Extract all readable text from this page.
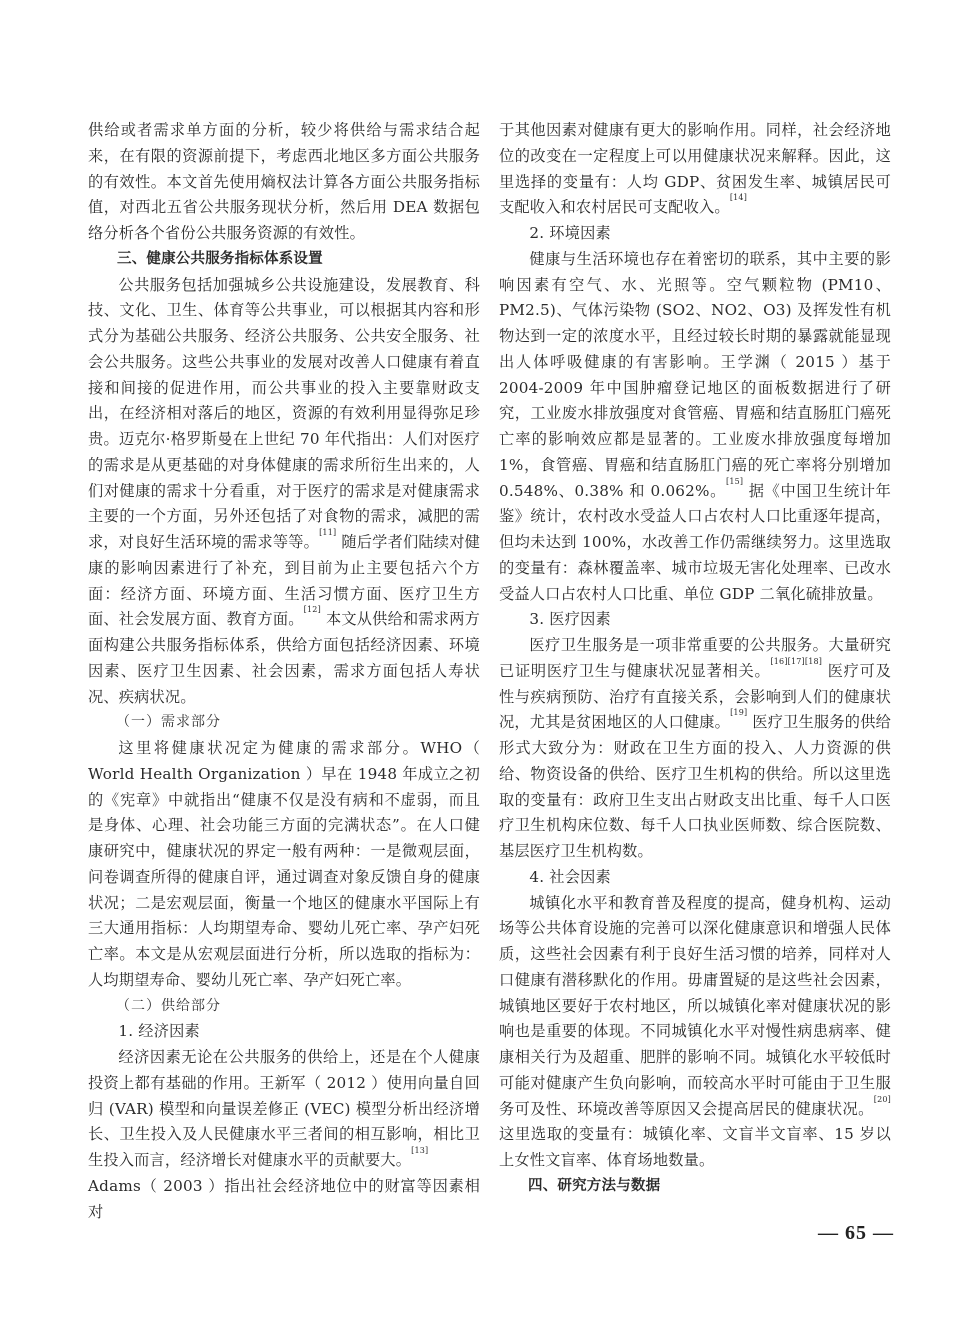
供给或者需求单方面的分析，较少将供给与需求结合起来，在有限的资源前提下，考虑西北地区多方面公共服务的有效性。本文首先使用熵权法计算各方面公共服务指标值，对西北五省公共服务现状分析，然后用 DEA 数据包络分析各个省份公共服务资源的有效性。

三、健康公共服务指标体系设置

公共服务包括加强城乡公共设施建设，发展教育、科技、文化、卫生、体育等公共事业，可以根据其内容和形式分为基础公共服务、经济公共服务、公共安全服务、社会公共服务。这些公共事业的发展对改善人口健康有着直接和间接的促进作用，而公共事业的投入主要靠财政支出，在经济相对落后的地区，资源的有效利用显得弥足珍贵。迈克尔·格罗斯曼在上世纪 70 年代指出：人们对医疗的需求是从更基础的对身体健康的需求所衍生出来的，人们对健康的需求十分看重，对于医疗的需求是对健康需求主要的一个方面，另外还包括了对食物的需求，减肥的需求，对良好生活环境的需求等等。[11] 随后学者们陆续对健康的影响因素进行了补充，到目前为止主要包括六个方面：经济方面、环境方面、生活习惯方面、医疗卫生方面、社会发展方面、教育方面。[12] 本文从供给和需求两方面构建公共服务指标体系，供给方面包括经济因素、环境因素、医疗卫生因素、社会因素，需求方面包括人寿状况、疾病状况。

（一）需求部分

这里将健康状况定为健康的需求部分。WHO（ World Health Organization ）早在 1948 年成立之初的《宪章》中就指出“健康不仅是没有病和不虚弱，而且是身体、心理、社会功能三方面的完满状态”。在人口健康研究中，健康状况的界定一般有两种：一是微观层面，问卷调查所得的健康自评，通过调查对象反馈自身的健康状况；二是宏观层面，衡量一个地区的健康水平国际上有三大通用指标：人均期望寿命、婴幼儿死亡率、孕产妇死亡率。本文是从宏观层面进行分析，所以选取的指标为：人均期望寿命、婴幼儿死亡率、孕产妇死亡率。

（二）供给部分

1. 经济因素

经济因素无论在公共服务的供给上，还是在个人健康投资上都有基础的作用。王新军（ 2012 ）使用向量自回归 (VAR) 模型和向量误差修正 (VEC) 模型分析出经济增长、卫生投入及人民健康水平三者间的相互影响，相比卫生投入而言，经济增长对健康水平的贡献要大。[13]
Adams（ 2003 ）指出社会经济地位中的财富等因素相对

于其他因素对健康有更大的影响作用。同样，社会经济地位的改变在一定程度上可以用健康状况来解释。因此，这里选择的变量有：人均 GDP、贫困发生率、城镇居民可支配收入和农村居民可支配收入。[14]

2. 环境因素

健康与生活环境也存在着密切的联系，其中主要的影响因素有空气、水、光照等。空气颗粒物 (PM10、PM2.5)、气体污染物 (SO2、NO2、O3) 及挥发性有机物达到一定的浓度水平，且经过较长时期的暴露就能显现出人体呼吸健康的有害影响。王学渊（ 2015 ）基于 2004-2009 年中国肿瘤登记地区的面板数据进行了研究，工业废水排放强度对食管癌、胃癌和结直肠肛门癌死亡率的影响效应都是显著的。工业废水排放强度每增加 1%，食管癌、胃癌和结直肠肛门癌的死亡率将分别增加 0.548%、0.38% 和 0.062%。[15] 据《中国卫生统计年鉴》统计，农村改水受益人口占农村人口比重逐年提高，但均未达到 100%，水改善工作仍需继续努力。这里选取的变量有：森林覆盖率、城市垃圾无害化处理率、已改水受益人口占农村人口比重、单位 GDP 二氧化硫排放量。

3. 医疗因素

医疗卫生服务是一项非常重要的公共服务。大量研究已证明医疗卫生与健康状况显著相关。[16][17][18] 医疗可及性与疾病预防、治疗有直接关系，会影响到人们的健康状况，尤其是贫困地区的人口健康。[19] 医疗卫生服务的供给形式大致分为：财政在卫生方面的投入、人力资源的供给、物资设备的供给、医疗卫生机构的供给。所以这里选取的变量有：政府卫生支出占财政支出比重、每千人口医疗卫生机构床位数、每千人口执业医师数、综合医院数、基层医疗卫生机构数。

4. 社会因素

城镇化水平和教育普及程度的提高，健身机构、运动场等公共体育设施的完善可以深化健康意识和增强人民体质，这些社会因素有利于良好生活习惯的培养，同样对人口健康有潜移默化的作用。毋庸置疑的是这些社会因素，城镇地区要好于农村地区，所以城镇化率对健康状况的影响也是重要的体现。不同城镇化水平对慢性病患病率、健康相关行为及超重、肥胖的影响不同。城镇化水平较低时可能对健康产生负向影响，而较高水平时可能由于卫生服务可及性、环境改善等原因又会提高居民的健康状况。[20]这里选取的变量有：城镇化率、文盲半文盲率、15 岁以上女性文盲率、体育场地数量。

四、研究方法与数据

— 65 —
